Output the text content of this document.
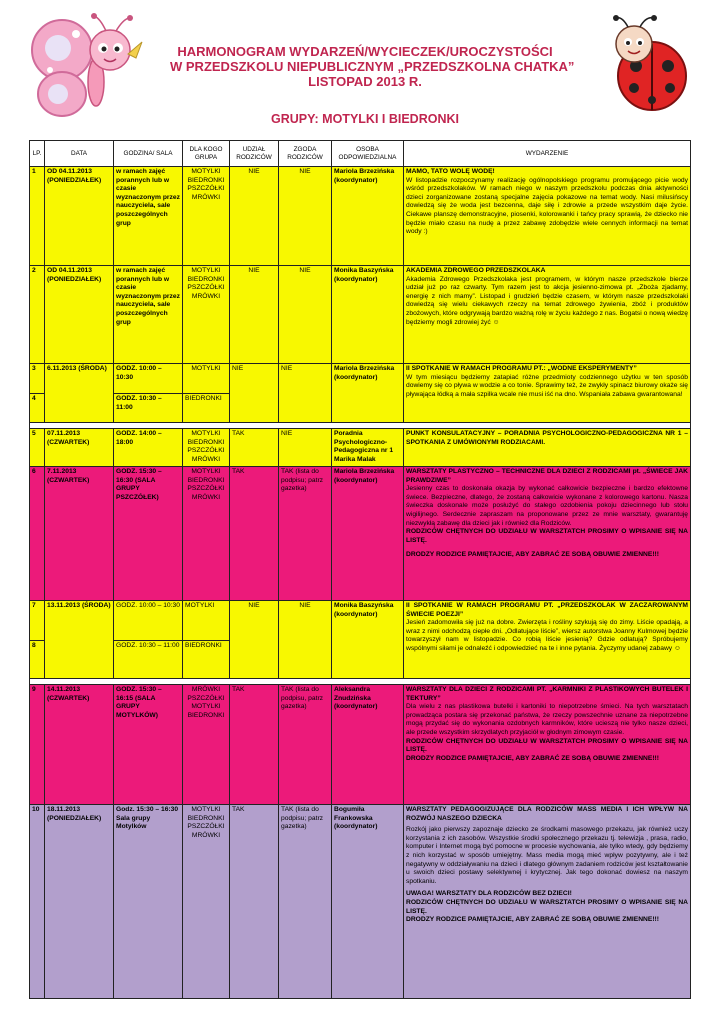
HARMONOGRAM WYDARZEŃ/WYCIECZEK/UROCZYSTOŚCI
W PRZEDSZKOLU NIEPUBLICZNYM „PRZEDSZKOLNA CHATKA”
LISTOPAD 2013 R.
GRUPY: MOTYLKI I BIEDRONKI
LP.	DATA	GODZINA/ SALA	DLA KOGO GRUPA	UDZIAŁ RODZICÓW	ZGODA RODZICÓW	OSOBA ODPOWIEDZIALNA	WYDARZENIE
1	OD 04.11.2013 (PONIEDZIAŁEK)	w ramach zajęć porannych lub w czasie wyznaczonym przez nauczyciela, sale poszczególnych grup	MOTYLKI BIEDRONKI PSZCZÓŁKI MRÓWKI	NIE	NIE	Mariola Brzezińska (koordynator)	MAMO, TATO WOLĘ WODĘ!
W listopadzie rozpoczynamy realizację ogólnopolskiego programu promującego picie wody wśród przedszkolaków. W ramach niego w naszym przedszkolu podczas dnia aktywności dzieci zorganizowane zostaną specjalne zajęcia pokazowe na temat wody. Nasi milusińscy dowiedzą się że woda jest bezcenna, daje siłę i zdrowie a przede wszystkim daje życie. Ciekawe planszę demonstracyjne, piosenki, kolorowanki i tańcy pracy sprawią, że dziecko nie będzie miało czasu na nudę a przez zabawę zdobędzie wiele cennych informacji na temat wody :)

2	OD 04.11.2013 (PONIEDZIAŁEK)	w ramach zajęć porannych lub w czasie wyznaczonym przez nauczyciela, sale poszczególnych grup	MOTYLKI BIEDRONKI PSZCZÓŁKI MRÓWKI	NIE	NIE	Monika Baszyńska (koordynator)	AKADEMIA ZDROWEGO PRZEDSZKOLAKA
Akademia Zdrowego Przedszkolaka jest programem, w którym nasze przedszkole bierze udział już po raz czwarty. Tym razem jest to akcja jesienno-zimowa pt. „Zboża zjadamy, energię z nich mamy”. Listopad i grudzień będzie czasem, w którym nasze przedszkolaki dowiedzą się wielu ciekawych rzeczy na temat zdrowego żywienia, zbóż i produktów zbożowych, które odgrywają bardzo ważną rolę w życiu każdego z nas. Bogatsi o nową wiedzę będziemy mogli zdrowiej żyć ☺

3	6.11.2013 (ŚRODA)	GODZ. 10:00 – 10:30	MOTYLKI	NIE	NIE	Mariola Brzezińska (koordynator)	II SPOTKANIE W RAMACH PROGRAMU PT.: „WODNE EKSPERYMENTY”
W tym miesiącu będziemy zatapiać różne przedmioty codziennego użytku w ten sposób dowiemy się co pływa w wodzie a co tonie. Sprawimy też, że zwykły spinacz biurowy okaże się pływająca łódką a mała szpilka wcale nie musi iść na dno. Wspaniała zabawa gwarantowana!

4		GODZ. 10:30 – 11:00	BIEDRONKI				

5	07.11.2013 (CZWARTEK)	GODZ. 14:00 – 18:00	MOTYLKI BIEDRONKI PSZCZÓŁKI MRÓWKI	TAK	NIE	Poradnia Psychologiczno-Pedagogiczna nr 1 Marika Malak	PUNKT KONSULATACYJNY – PORADNIA PSYCHOLOGICZNO-PEDAGOGICZNA NR 1 – SPOTKANIA Z UMÓWIONYMI RODZIACAMI.
6	7.11.2013 (CZWARTEK)	GODZ. 15:30 – 16:30 (SALA GRUPY PSZCZÓŁEK)	MOTYLKI BIEDRONKI PSZCZÓŁKI MRÓWKI	TAK	TAK (lista do podpisu; patrz gazetka)	Mariola Brzezińska (koordynator)	WARSZTATY PLASTYCZNO – TECHNICZNE DLA DZIECI Z RODZICAMI pt. „ŚWIECE JAK PRAWDZIWE”
Jesienny czas to doskonała okazja by wykonać całkowicie bezpieczne i bardzo efektowne świece. Bezpieczne, dlatego, że zostaną całkowicie wykonane z kolorowego kartonu. Nasza świeczka doskonale może posłużyć do stałego ozdobienia pokoju dziecinnego lub stołu wigilijnego. Serdecznie zapraszam na proponowane przez ze mnie warsztaty, gwarantuję niezwykłą zabawę dla dzieci jak i również dla Rodziców.
RODZICÓW CHĘTNYCH DO UDZIAŁU W WARSZTATCH PROSIMY O WPISANIE SIĘ NA LISTĘ.
DRODZY RODZICE PAMIĘTAJCIE, ABY ZABRAĆ ZE SOBĄ OBUWIE ZMIENNE!!!

7	13.11.2013 (ŚRODA)	GODZ. 10:00 – 10:30	MOTYLKI	NIE	NIE	Monika Baszyńska (koordynator)	II SPOTKANIE W RAMACH PROGRAMU PT. „PRZEDSZKOLAK W ZACZAROWANYM ŚWIECIE POEZJI”
Jesień zadomowiła się już na dobre. Zwierzęta i rośliny szykują się do zimy. Liście opadają, a wraz z nimi odchodzą ciepłe dni. „Odlatujące liście”, wiersz autorstwa Joanny Kulmowej będzie towarzyszył nam w listopadzie. Co robią liście jesienią? Gdzie odlatują? Spróbujemy wspólnymi siłami je odnaleźć i odpowiedzieć na te i inne pytania. Życzymy udanej zabawy ☺

8		GODZ. 10:30 – 11:00	BIEDRONKI				

9	14.11.2013 (CZWARTEK)	GODZ. 15:30 – 16:15 (SALA GRUPY MOTYLKÓW)	MRÓWKI PSZCZÓŁKI MOTYLKI BIEDRONKI	TAK	TAK (lista do podpisu, patrz gazetka)	Aleksandra Znudzińska (koordynator)	WARSZTATY DLA DZIECI Z RODZICAMI PT. „KARMNIKI Z PLASTIKOWYCH BUTELEK I TEKTURY”
Dla wielu z nas plastikowa butelki i kartoniki to niepotrzebne śmieci. Na tych warsztatach prowadząca postara się przekonać państwa, że rzeczy powszechnie uznane za niepotrzebne mogą przydać się do wykonania ozdobnych karmników, które ucieszą nie tylko nasze dzieci, ale przede wszystkim skrzydlatych przyjaciół w głodnym zimowym czasie.
RODZICÓW CHĘTNYCH DO UDZIAŁU W WARSZTATCH PROSIMY O WPISANIE SIĘ NA LISTĘ.
DRODZY RODZICE PAMIĘTAJCIE, ABY ZABRAĆ ZE SOBĄ OBUWIE ZMIENNE!!!

10	18.11.2013 (PONIEDZIAŁEK)	Godz. 15:30 – 16:30 Sala grupy Motylków	MOTYLKI BIEDRONKI PSZCZÓŁKI MRÓWKI	TAK	TAK (lista do podpisu; patrz gazetka)	Bogumiła Frankowska (koordynator)	WARSZTATY PEDAGOGIZUJĄCE DLA RODZICÓW MASS MEDIA I ICH WPŁYW NA ROZWÓJ NASZEGO DZIECKA
Rozkój jako pierwszy zapoznaje dziecko ze środkami masowego przekazu, jak również uczy korzystania z ich zasobów. Wszystkie środki społecznego przekazu tj. telewizja , prasa, radio, komputer i Internet mogą być pomocne w procesie wychowania, ale tylko wtedy, gdy będziemy z nich korzystać w sposób umiejętny. Mass media mogą mieć wpływ pozytywny, ale i też negatywny w oddziaływaniu na dzieci i dlatego głównym zadaniem rodziców jest kształtowanie u swoich dzieci postawy selektywnej i krytycznej. Jak tego dokonać dowiesz na naszym spotkaniu.
UWAGA! WARSZTATY DLA RODZICÓW BEZ DZIECI!
RODZICÓW CHĘTNYCH DO UDZIAŁU W WARSZTATCH PROSIMY O WPISANIE SIĘ NA LISTĘ.
DRODZY RODZICE PAMIĘTAJCIE, ABY ZABRAĆ ZE SOBĄ OBUWIE ZMIENNE!!!
